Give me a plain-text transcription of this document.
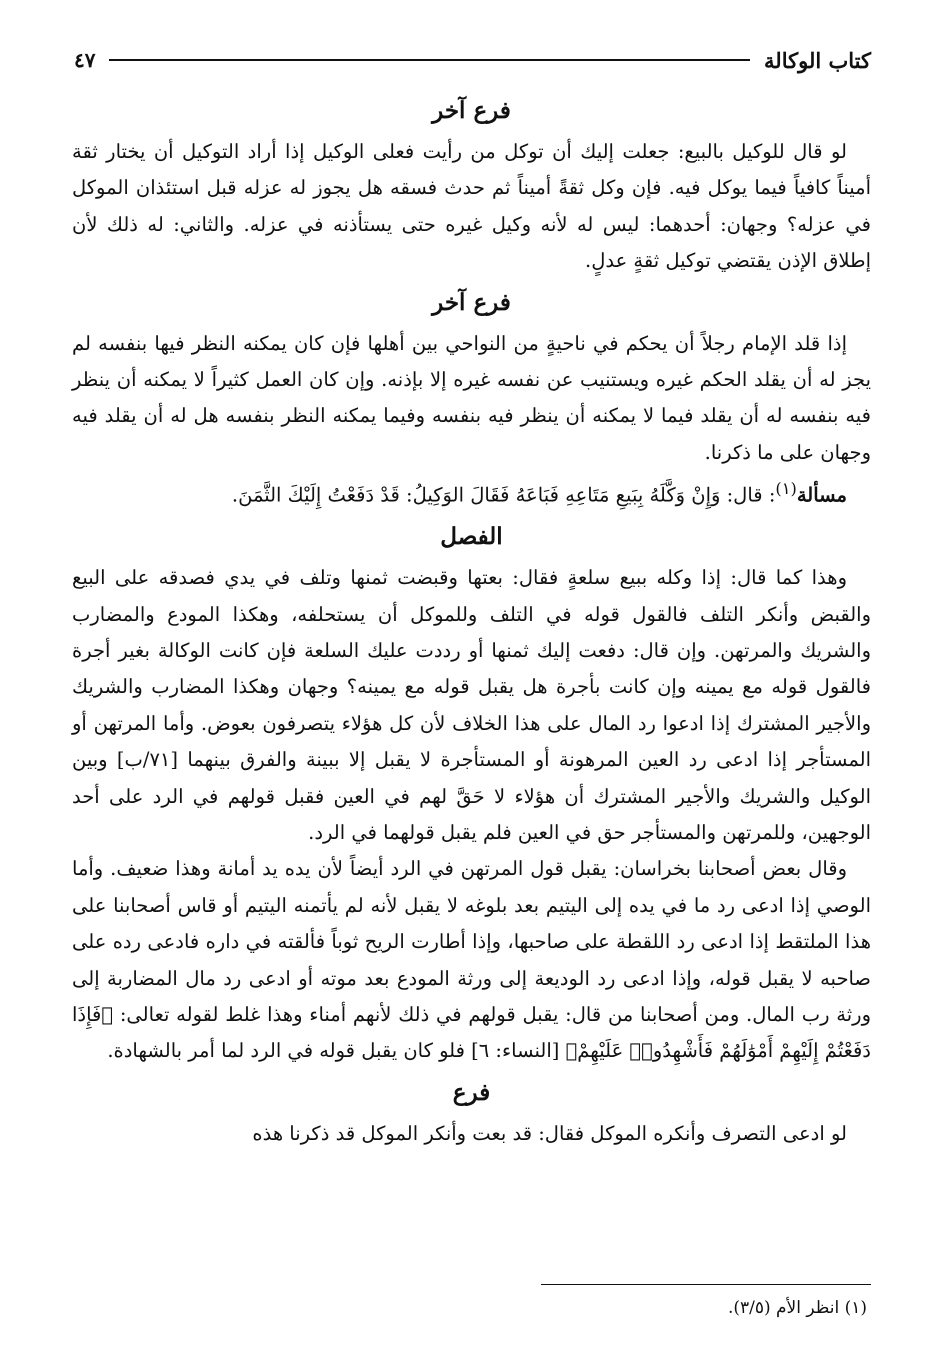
كتاب الوكالة
٤٧
فرع آخر

لو قال للوكيل بالبيع: جعلت إليك أن توكل من رأيت فعلى الوكيل إذا أراد التوكيل أن يختار ثقة أميناً كافياً فيما يوكل فيه. فإن وكل ثقةً أميناً ثم حدث فسقه هل يجوز له عزله قبل استئذان الموكل في عزله؟ وجهان: أحدهما: ليس له لأنه وكيل غيره حتى يستأذنه في عزله. والثاني: له ذلك لأن إطلاق الإذن يقتضي توكيل ثقةٍ عدلٍ.

فرع آخر

إذا قلد الإمام رجلاً أن يحكم في ناحيةٍ من النواحي بين أهلها فإن كان يمكنه النظر فيها بنفسه لم يجز له أن يقلد الحكم غيره ويستنيب عن نفسه غيره إلا بإذنه. وإن كان العمل كثيراً لا يمكنه أن ينظر فيه بنفسه له أن يقلد فيما لا يمكنه أن ينظر فيه بنفسه وفيما يمكنه النظر بنفسه هل له أن يقلد فيه وجهان على ما ذكرنا.

مسألة$^{(١)}$: قال: وَإِنْ وَكَّلَهُ بِبَيعِ مَتَاعِهِ فَبَاعَهُ فَقَالَ الوَكِيلُ: قَدْ دَفَعْتُ إِلَيْكَ الثَّمَنَ.

الفصل

وهذا كما قال: إذا وكله ببيع سلعةٍ فقال: بعتها وقبضت ثمنها وتلف في يدي فصدقه على البيع والقبض وأنكر التلف فالقول قوله في التلف وللموكل أن يستحلفه، وهكذا المودع والمضارب والشريك والمرتهن. وإن قال: دفعت إليك ثمنها أو رددت عليك السلعة فإن كانت الوكالة بغير أجرة فالقول قوله مع يمينه وإن كانت بأجرة هل يقبل قوله مع يمينه؟ وجهان وهكذا المضارب والشريك والأجير المشترك إذا ادعوا رد المال على هذا الخلاف لأن كل هؤلاء يتصرفون بعوض. وأما المرتهن أو المستأجر إذا ادعى رد العين المرهونة أو المستأجرة لا يقبل إلا ببينة والفرق بينهما [٧١/ب] وبين الوكيل والشريك والأجير المشترك أن هؤلاء لا حَقَّ لهم في العين فقبل قولهم في الرد على أحد الوجهين، وللمرتهن والمستأجر حق في العين فلم يقبل قولهما في الرد.

وقال بعض أصحابنا بخراسان: يقبل قول المرتهن في الرد أيضاً لأن يده يد أمانة وهذا ضعيف. وأما الوصي إذا ادعى رد ما في يده إلى اليتيم بعد بلوغه لا يقبل لأنه لم يأتمنه اليتيم أو قاس أصحابنا على هذا الملتقط إذا ادعى رد اللقطة على صاحبها، وإذا أطارت الريح ثوباً فألقته في داره فادعى رده على صاحبه لا يقبل قوله، وإذا ادعى رد الوديعة إلى ورثة المودع بعد موته أو ادعى رد مال المضاربة إلى ورثة رب المال. ومن أصحابنا من قال: يقبل قولهم في ذلك لأنهم أمناء وهذا غلط لقوله تعالى: ﴿فَإِذَا دَفَعْتُمْ إِلَيْهِمْ أَمْوَٰلَهُمْ فَأَشْهِدُوا۟ عَلَيْهِمْ﴾ [النساء: ٦] فلو كان يقبل قوله في الرد لما أمر بالشهادة.

فرع

لو ادعى التصرف وأنكره الموكل فقال: قد بعت وأنكر الموكل قد ذكرنا هذه

(١) انظر الأم (٣/٥).
